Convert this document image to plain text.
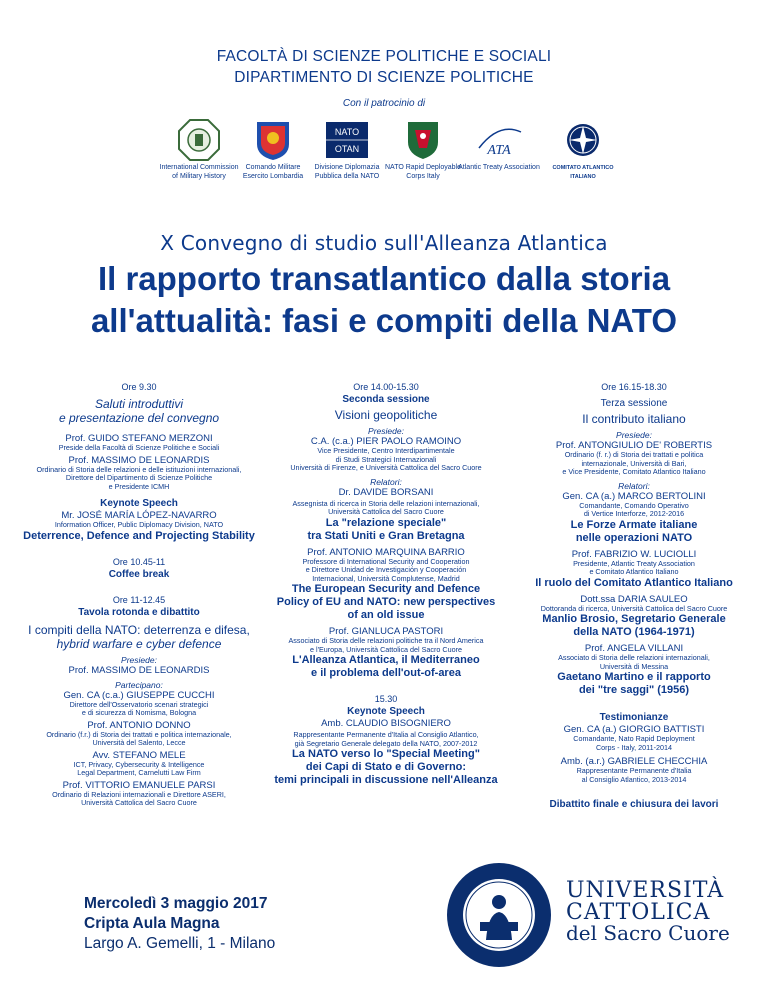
FACOLTÀ DI SCIENZE POLITICHE E SOCIALI
DIPARTIMENTO DI SCIENZE POLITICHE
Con il patrocinio di
International Commission of Military History
Comando Militare Esercito Lombardia
NATO
OTAN
Divisione Diplomazia Pubblica della NATO
NATO Rapid Deployable Corps Italy
ATA
Atlantic Treaty Association	COMITATO ATLANTICO ITALIANO
X Convegno di studio sull'Alleanza Atlantica
Il rapporto transatlantico dalla storia
all'attualità: fasi e compiti della NATO
Ore 9.30
Saluti introduttivi
e presentazione del convegno
Prof. GUIDO STEFANO MERZONI
Preside della Facoltà di Scienze Politiche e Sociali
Prof. MASSIMO DE LEONARDIS
Ordinario di Storia delle relazioni e delle istituzioni internazionali,
Direttore del Dipartimento di Scienze Politiche
e Presidente ICMH
Keynote Speech
Mr. JOSÉ MARÍA LÓPEZ-NAVARRO
Information Officer, Public Diplomacy Division, NATO
Deterrence, Defence and Projecting Stability
Ore 10.45-11
Coffee break
Ore 11-12.45
Tavola rotonda e dibattito
I compiti della NATO: deterrenza e difesa,
hybrid warfare e cyber defence
Presiede:
Prof. MASSIMO DE LEONARDIS
Partecipano:
Gen. CA (c.a.) GIUSEPPE CUCCHI
Direttore dell'Osservatorio scenari strategici
e di sicurezza di Nomisma, Bologna
Prof. ANTONIO DONNO
Ordinario (f.r.) di Storia dei trattati e politica internazionale,
Università del Salento, Lecce
Avv. STEFANO MELE
ICT, Privacy, Cybersecurity & Intelligence
Legal Department, Carnelutti Law Firm
Prof. VITTORIO EMANUELE PARSI
Ordinario di Relazioni internazionali e Direttore ASERI,
Università Cattolica del Sacro Cuore
Ore 14.00-15.30
Seconda sessione
Visioni geopolitiche
Presiede:
C.A. (c.a.) PIER PAOLO RAMOINO
Vice Presidente, Centro Interdipartimentale
di Studi Strategici Internazionali
Università di Firenze, e Università Cattolica del Sacro Cuore
Relatori:
Dr. DAVIDE BORSANI
Assegnista di ricerca in Storia delle relazioni internazionali,
Università Cattolica del Sacro Cuore
La "relazione speciale"
tra Stati Uniti e Gran Bretagna
Prof. ANTONIO MARQUINA BARRIO
Professore di International Security and Cooperation
e Direttore Unidad de Investigación y Cooperación
Internacional, Università Complutense, Madrid
The European Security and Defence
Policy of EU and NATO: new perspectives
of an old issue
Prof. GIANLUCA PASTORI
Associato di Storia delle relazioni politiche tra il Nord America
e l'Europa, Università Cattolica del Sacro Cuore
L'Alleanza Atlantica, il Mediterraneo
e il problema dell'out-of-area
15.30
Keynote Speech
Amb. CLAUDIO BISOGNIERO
Rappresentante Permanente d'Italia al Consiglio Atlantico,
già Segretario Generale delegato della NATO, 2007-2012
La NATO verso lo "Special Meeting"
dei Capi di Stato e di Governo:
temi principali in discussione nell'Alleanza
Ore 16.15-18.30
Terza sessione
Il contributo italiano
Presiede:
Prof. ANTONGIULIO DE' ROBERTIS
Ordinario (f. r.) di Storia dei trattati e politica
internazionale, Università di Bari,
e Vice Presidente, Comitato Atlantico Italiano
Relatori:
Gen. CA (a.) MARCO BERTOLINI
Comandante, Comando Operativo
di Vertice Interforze, 2012-2016
Le Forze Armate italiane
nelle operazioni NATO
Prof. FABRIZIO W. LUCIOLLI
Presidente, Atlantic Treaty Association
e Comitato Atlantico Italiano
Il ruolo del Comitato Atlantico Italiano
Dott.ssa DARIA SAULEO
Dottoranda di ricerca, Università Cattolica del Sacro Cuore
Manlio Brosio, Segretario Generale
della NATO (1964-1971)
Prof. ANGELA VILLANI
Associato di Storia delle relazioni internazionali,
Università di Messina
Gaetano Martino e il rapporto
dei "tre saggi" (1956)
Testimonianze
Gen. CA (a.) GIORGIO BATTISTI
Comandante, Nato Rapid Deployment
Corps - Italy, 2011-2014
Amb. (a.r.) GABRIELE CHECCHIA
Rappresentante Permanente d'Italia
al Consiglio Atlantico, 2013-2014
Dibattito finale e chiusura dei lavori
Mercoledì 3 maggio 2017
Cripta Aula Magna
Largo A. Gemelli, 1 - Milano
UNIVERSITÀ
CATTOLICA
del Sacro Cuore
